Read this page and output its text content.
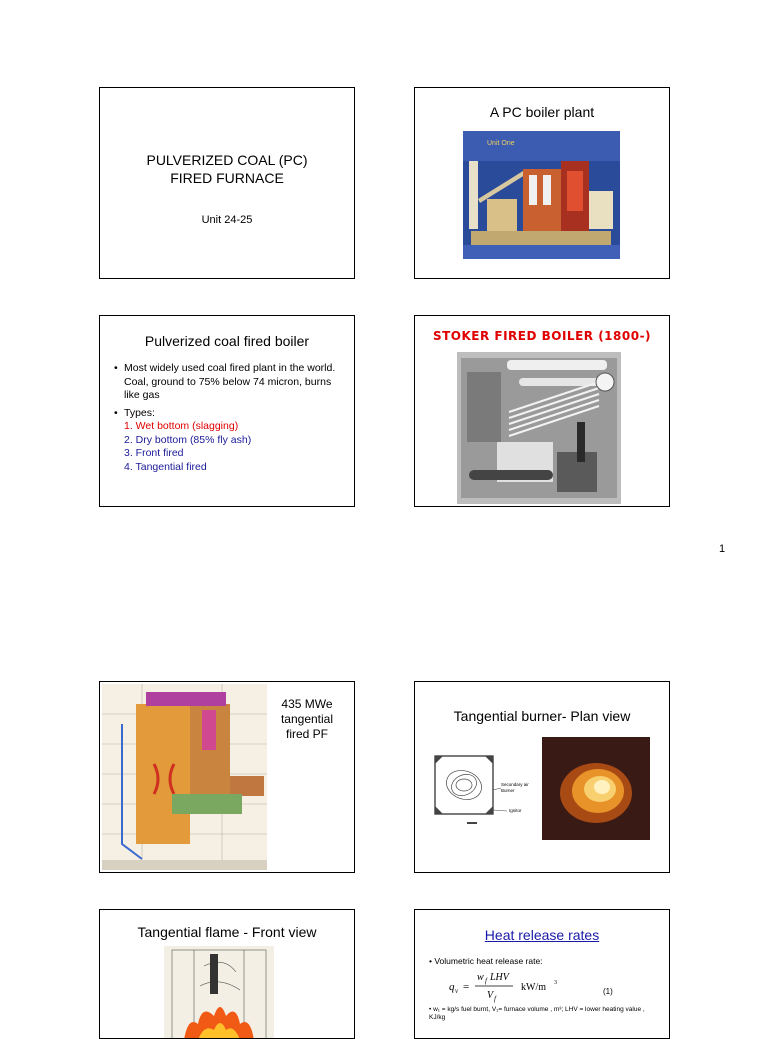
PULVERIZED COAL (PC)
FIRED FURNACE
Unit 24-25
A PC boiler plant
Unit One
Pulverized coal fired boiler
• Most widely used coal fired plant in the world. Coal, ground to 75% below 74 micron, burns like gas
• Types:
1. Wet bottom (slagging)
2. Dry bottom (85% fly ash)
3. Front fired
4. Tangential fired
STOKER FIRED BOILER (1800-)
1
435 MWe
tangential
fired PF
Tangential burner- Plan view
Secondary air
Burner
Ignitor
Tangential flame - Front view	Heat release rates
• Volumetric heat release rate:
q v =
w f LHV
V f
kW/m 3
(1)
• w₁ = kg/s fuel burnt, V₁= furnace volume , m³; LHV = lower heating value , KJ/kg
